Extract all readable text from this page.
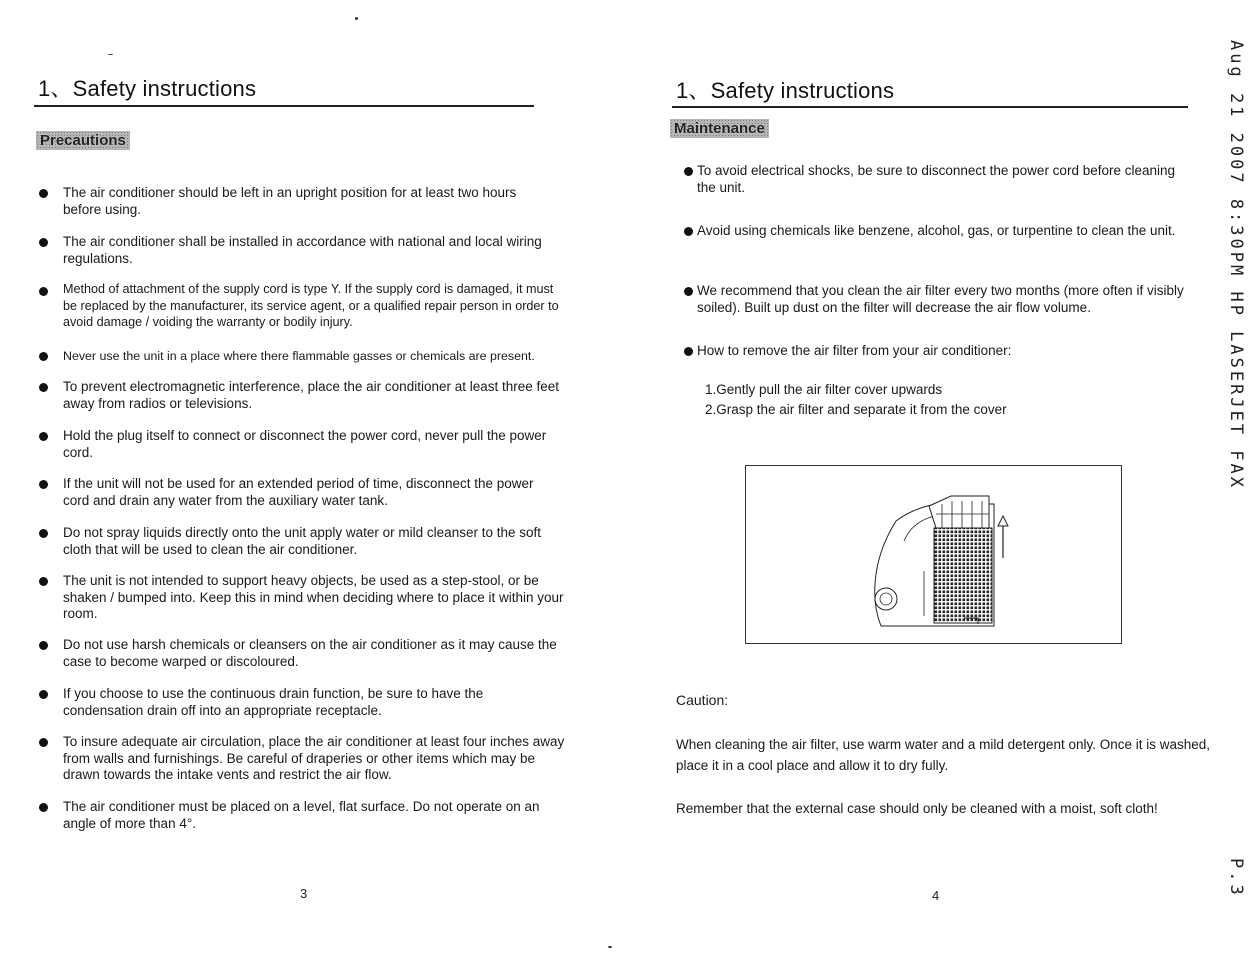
1、Safety instructions
Precautions
The air conditioner should be left in an upright position for at least two hours before using.
The air conditioner shall be installed in accordance with national and local wiring regulations.
Method of attachment of the supply cord is type Y. If the supply cord is damaged, it must be replaced by the manufacturer, its service agent, or a qualified repair person in order to avoid damage / voiding the warranty or bodily injury.
Never use the unit in a place where there flammable gasses or chemicals are present.
To prevent electromagnetic interference, place the air conditioner at least three feet away from radios or televisions.
Hold the plug itself to connect or disconnect the power cord, never pull the power cord.
If the unit will not be used for an extended period of time, disconnect the power cord and drain any water from the auxiliary water tank.
Do not spray liquids directly onto the unit apply water or mild cleanser to the soft cloth that will be used to clean the air conditioner.
The unit is not intended to support heavy objects, be used as a step-stool, or be shaken / bumped into. Keep this in mind when deciding where to place it within your room.
Do not use harsh chemicals or cleansers on the air conditioner as it may cause the case to become warped or discoloured.
If you choose to use the continuous drain function, be sure to have the condensation drain off into an appropriate receptacle.
To insure adequate air circulation, place the air conditioner at least four inches away from walls and furnishings. Be careful of draperies or other items which may be drawn towards the intake vents and restrict the air flow.
The air conditioner must be placed on a level, flat surface. Do not operate on an angle of more than 4°.
3
1、Safety instructions
Maintenance
To avoid electrical shocks, be sure to disconnect the power cord before cleaning the unit.
Avoid using chemicals like benzene, alcohol, gas, or turpentine to clean the unit.
We recommend that you clean the air filter every two months (more often if visibly soiled). Built up dust on the filter will decrease the air flow volume.
How to remove the air filter from your air conditioner:
1.Gently pull the air filter cover upwards
2.Grasp the air filter and separate it from the cover
Caution:
When cleaning the air filter, use warm water and a mild detergent only. Once it is washed, place it in a cool place and allow it to dry fully.
Remember that the external case should only be cleaned with a moist, soft cloth!
4
Aug 21 2007 8:30PM HP LASERJET FAX
P.3
